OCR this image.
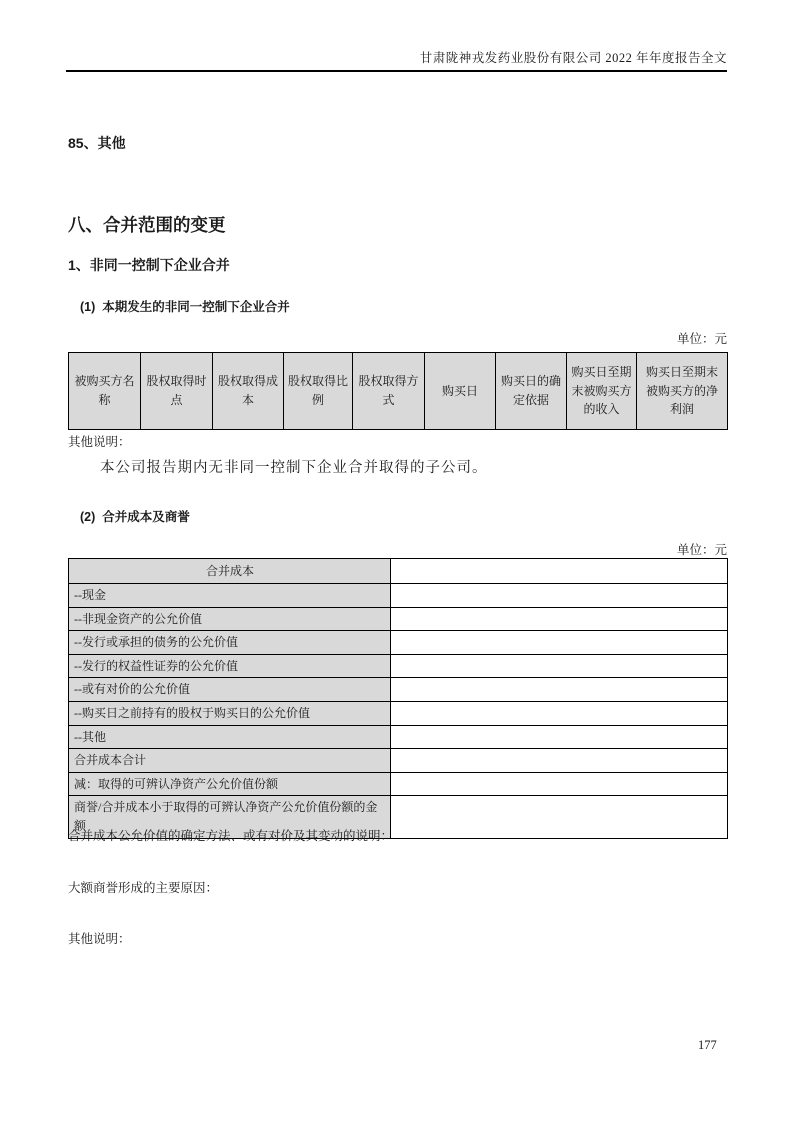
甘肃陇神戎发药业股份有限公司 2022 年年度报告全文
85、其他
八、合并范围的变更
1、非同一控制下企业合并
(1)  本期发生的非同一控制下企业合并
单位：元
被购买方名称	股权取得时点	股权取得成本	股权取得比例	股权取得方式	购买日	购买日的确定依据	购买日至期末被购买方的收入	购买日至期末被购买方的净利润
其他说明：
本公司报告期内无非同一控制下企业合并取得的子公司。
(2)  合并成本及商誉
单位：元
合并成本	
--现金	
--非现金资产的公允价值	
--发行或承担的债务的公允价值	
--发行的权益性证券的公允价值	
--或有对价的公允价值	
--购买日之前持有的股权于购买日的公允价值	
--其他	
合并成本合计	
减：取得的可辨认净资产公允价值份额	
商誉/合并成本小于取得的可辨认净资产公允价值份额的金额	
合并成本公允价值的确定方法、或有对价及其变动的说明：
大额商誉形成的主要原因：
其他说明：
177
